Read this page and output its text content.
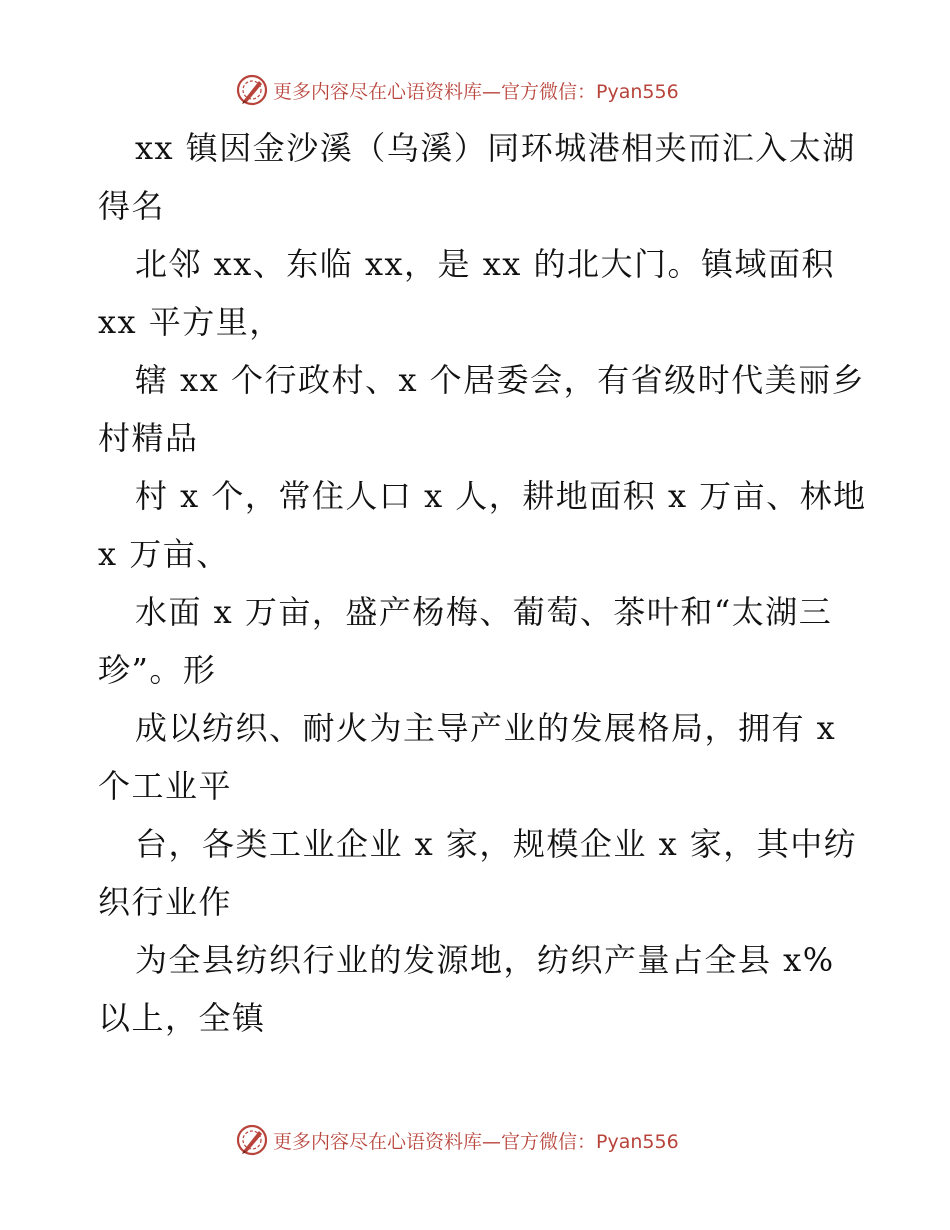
更多内容尽在心语资料库—官方微信：Pyan556

xx 镇因金沙溪（乌溪）同环城港相夹而汇入太湖得名

北邻 xx、东临 xx，是 xx 的北大门。镇域面积 xx 平方里，

辖 xx 个行政村、x 个居委会，有省级时代美丽乡村精品

村 x 个，常住人口 x 人，耕地面积 x 万亩、林地 x 万亩、

水面 x 万亩，盛产杨梅、葡萄、茶叶和“太湖三珍”。形

成以纺织、耐火为主导产业的发展格局，拥有 x 个工业平

台，各类工业企业 x 家，规模企业 x 家，其中纺织行业作

为全县纺织行业的发源地，纺织产量占全县 x% 以上，全镇

更多内容尽在心语资料库—官方微信：Pyan556
